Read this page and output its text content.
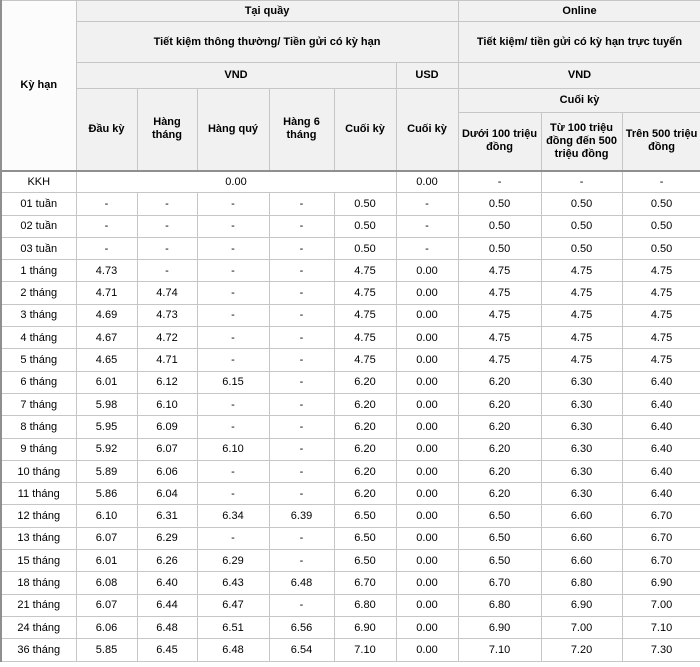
Kỳ hạn	Tại quầy						Online		
	Tiết kiệm thông thường/ Tiền gửi có kỳ hạn						Tiết kiệm/ tiền gửi có kỳ hạn trực tuyến		
	VND					USD	VND		
	Đầu kỳ	Hàng tháng	Hàng quý	Hàng 6 tháng	Cuối kỳ	Cuối kỳ	Cuối kỳ		
							Dưới 100 triệu đồng	Từ 100 triệu đồng đến 500 triệu đồng	Trên 500 triệu đồng
KKH	0.00					0.00	-	-	-
01 tuần	-	-	-	-	0.50	-	0.50	0.50	0.50
02 tuần	-	-	-	-	0.50	-	0.50	0.50	0.50
03 tuần	-	-	-	-	0.50	-	0.50	0.50	0.50
1 tháng	4.73	-	-	-	4.75	0.00	4.75	4.75	4.75
2 tháng	4.71	4.74	-	-	4.75	0.00	4.75	4.75	4.75
3 tháng	4.69	4.73	-	-	4.75	0.00	4.75	4.75	4.75
4 tháng	4.67	4.72	-	-	4.75	0.00	4.75	4.75	4.75
5 tháng	4.65	4.71	-	-	4.75	0.00	4.75	4.75	4.75
6 tháng	6.01	6.12	6.15	-	6.20	0.00	6.20	6.30	6.40
7 tháng	5.98	6.10	-	-	6.20	0.00	6.20	6.30	6.40
8 tháng	5.95	6.09	-	-	6.20	0.00	6.20	6.30	6.40
9 tháng	5.92	6.07	6.10	-	6.20	0.00	6.20	6.30	6.40
10 tháng	5.89	6.06	-	-	6.20	0.00	6.20	6.30	6.40
11 tháng	5.86	6.04	-	-	6.20	0.00	6.20	6.30	6.40
12 tháng	6.10	6.31	6.34	6.39	6.50	0.00	6.50	6.60	6.70
13 tháng	6.07	6.29	-	-	6.50	0.00	6.50	6.60	6.70
15 tháng	6.01	6.26	6.29	-	6.50	0.00	6.50	6.60	6.70
18 tháng	6.08	6.40	6.43	6.48	6.70	0.00	6.70	6.80	6.90
21 tháng	6.07	6.44	6.47	-	6.80	0.00	6.80	6.90	7.00
24 tháng	6.06	6.48	6.51	6.56	6.90	0.00	6.90	7.00	7.10
36 tháng	5.85	6.45	6.48	6.54	7.10	0.00	7.10	7.20	7.30
